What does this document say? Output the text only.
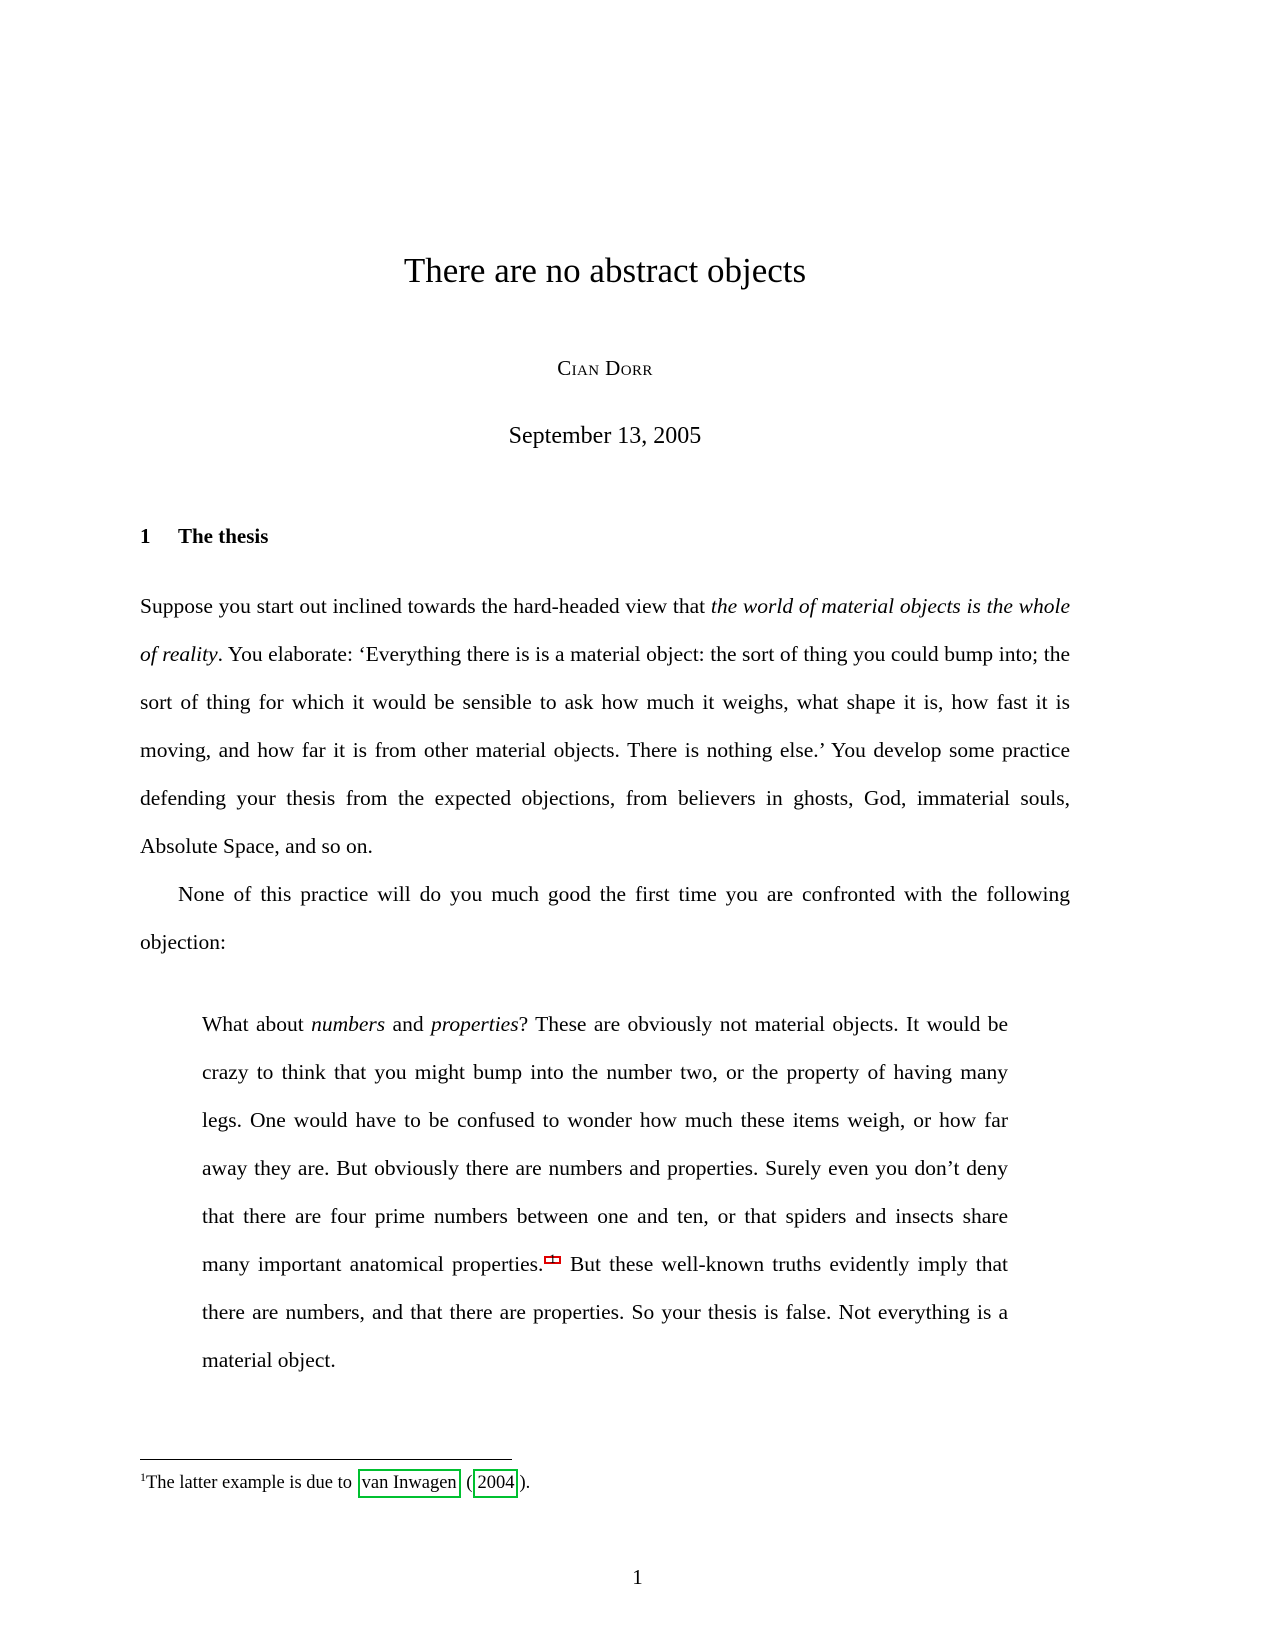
There are no abstract objects
Cian Dorr
September 13, 2005
1 The thesis

Suppose you start out inclined towards the hard-headed view that the world of material objects is the whole of reality. You elaborate: ‘Everything there is is a material object: the sort of thing you could bump into; the sort of thing for which it would be sensible to ask how much it weighs, what shape it is, how fast it is moving, and how far it is from other material objects. There is nothing else.’ You develop some practice defending your thesis from the expected objections, from believers in ghosts, God, immaterial souls, Absolute Space, and so on.

None of this practice will do you much good the first time you are confronted with the following objection:

What about numbers and properties? These are obviously not material objects. It would be crazy to think that you might bump into the number two, or the property of having many legs. One would have to be confused to wonder how much these items weigh, or how far away they are. But obviously there are numbers and properties. Surely even you don’t deny that there are four prime numbers between one and ten, or that spiders and insects share many important anatomical properties. $^1$ But these well-known truths evidently imply that there are numbers, and that there are properties. So your thesis is false. Not everything is a material object.

$^1$The latter example is due to van Inwagen ( 2004 ).
1
